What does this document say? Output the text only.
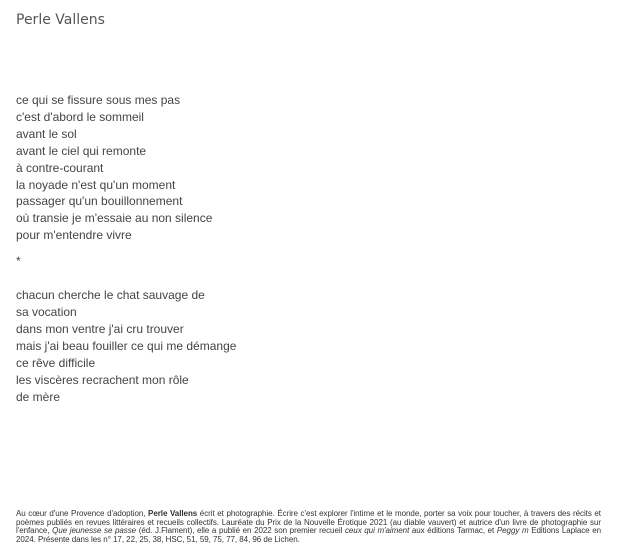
Perle Vallens
ce qui se fissure sous mes pas
c'est d'abord le sommeil
avant le sol
avant le ciel qui remonte
à contre-courant
la noyade n'est qu'un moment
passager qu'un bouillonnement
où transie je m'essaie au non silence
pour m'entendre vivre
*
chacun cherche le chat sauvage de
sa vocation
dans mon ventre j'ai cru trouver
mais j'ai beau fouiller ce qui me démange
ce rêve difficile
les viscères recrachent mon rôle
de mère

Au cœur d'une Provence d'adoption, Perle Vallens écrit et photographie. Écrire c'est explorer l'intime et le monde, porter sa voix pour toucher, à travers des récits et poèmes publiés en revues littéraires et recueils collectifs. Lauréate du Prix de la Nouvelle Érotique 2021 (au diable vauvert) et autrice d'un livre de photographie sur l'enfance, Que jeunesse se passe (éd. J.Flament), elle a publié en 2022 son premier recueil ceux qui m'aiment aux éditions Tarmac, et Peggy m Editions Laplace en 2024. Présente dans les n° 17, 22, 25, 38, HSC, 51, 59, 75, 77, 84, 96 de Lichen.
